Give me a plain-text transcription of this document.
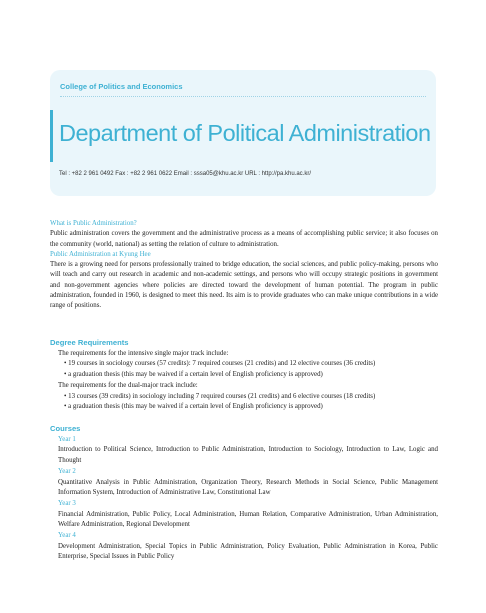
College of Politics and Economics
Department of Political Administration
Tel : +82 2 961 0492 Fax : +82 2 961 0622 Email : sssa05@khu.ac.kr URL : http://pa.khu.ac.kr/

What is Public Administration?

Public administration covers the government and the administrative process as a means of accomplishing public service; it also focuses on the community (world, national) as setting the relation of culture to administration.

Public Administration at Kyung Hee

There is a growing need for persons professionally trained to bridge education, the social sciences, and public policy-making, persons who will teach and carry out research in academic and non-academic settings, and persons who will occupy strategic positions in government and non-government agencies where policies are directed toward the development of human potential. The program in public administration, founded in 1960, is designed to meet this need. Its aim is to provide graduates who can make unique contributions in a wide range of positions.

Degree Requirements

The requirements for the intensive single major track include:

• 19 courses in sociology courses (57 credits): 7 required courses (21 credits) and 12 elective courses (36 credits)

• a graduation thesis (this may be waived if a certain level of English proficiency is approved)

The requirements for the dual-major track include:

• 13 courses (39 credits) in sociology including 7 required courses (21 credits) and 6 elective courses (18 credits)

• a graduation thesis (this may be waived if a certain level of English proficiency is approved)

Courses

Year 1

Introduction to Political Science, Introduction to Public Administration, Introduction to Sociology, Introduction to Law, Logic and Thought

Year 2

Quantitative Analysis in Public Administration, Organization Theory, Research Methods in Social Science, Public Management Information System, Introduction of Administrative Law, Constitutional Law

Year 3

Financial Administration, Public Policy, Local Administration, Human Relation, Comparative Administration, Urban Administration, Welfare Administration, Regional Development

Year 4

Development Administration, Special Topics in Public Administration, Policy Evaluation, Public Administration in Korea, Public Enterprise, Special Issues in Public Policy
